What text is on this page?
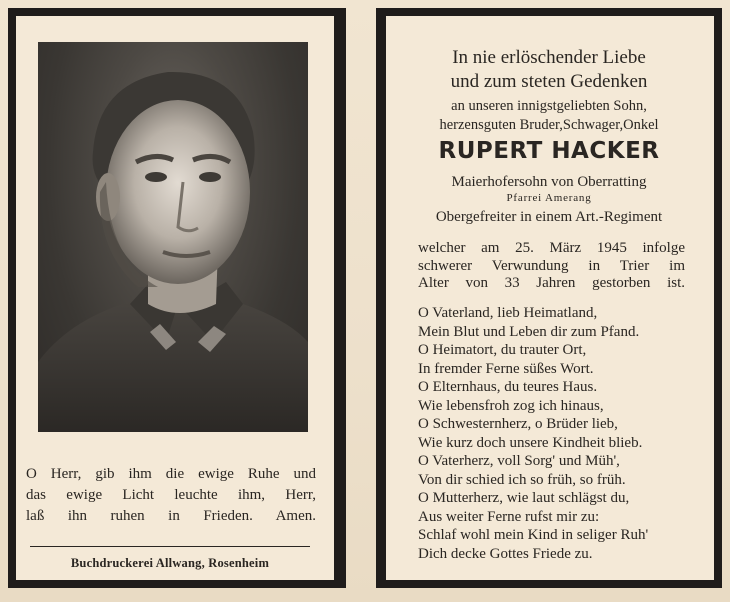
O Herr, gib ihm die ewige Ruhe und
das ewige Licht leuchte ihm, Herr,
laß ihn ruhen in Frieden. Amen.
Buchdruckerei Allwang, Rosenheim
In nie erlöschender Liebe
und zum steten Gedenken
an unseren innigstgeliebten Sohn,
herzensguten Bruder,Schwager,Onkel
RUPERT HACKER
Maierhofersohn von Oberratting
Pfarrei Amerang
Obergefreiter in einem Art.-Regiment
welcher am 25. März 1945 infolge
schwerer Verwundung in Trier im
Alter von 33 Jahren gestorben ist.
O Vaterland, lieb Heimatland,
Mein Blut und Leben dir zum Pfand.
O Heimatort, du trauter Ort,
In fremder Ferne süßes Wort.
O Elternhaus, du teures Haus.
Wie lebensfroh zog ich hinaus,
O Schwesternherz, o Brüder lieb,
Wie kurz doch unsere Kindheit blieb.
O Vaterherz, voll Sorg' und Müh',
Von dir schied ich so früh, so früh.
O Mutterherz, wie laut schlägst du,
Aus weiter Ferne rufst mir zu:
Schlaf wohl mein Kind in seliger Ruh'
Dich decke Gottes Friede zu.
